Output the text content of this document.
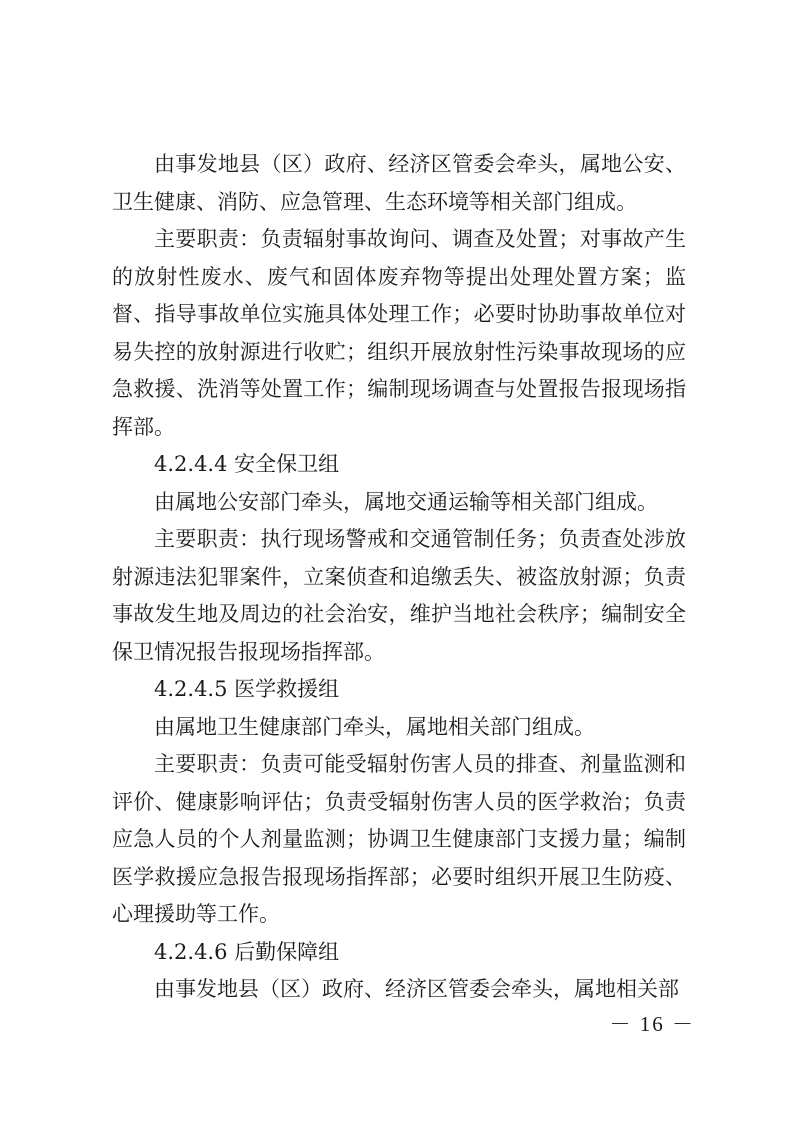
由事发地县（区）政府、经济区管委会牵头，属地公安、卫生健康、消防、应急管理、生态环境等相关部门组成。

主要职责：负责辐射事故询问、调查及处置；对事故产生的放射性废水、废气和固体废弃物等提出处理处置方案；监督、指导事故单位实施具体处理工作；必要时协助事故单位对易失控的放射源进行收贮；组织开展放射性污染事故现场的应急救援、洗消等处置工作；编制现场调查与处置报告报现场指挥部。

4.2.4.4 安全保卫组

由属地公安部门牵头，属地交通运输等相关部门组成。

主要职责：执行现场警戒和交通管制任务；负责查处涉放射源违法犯罪案件，立案侦查和追缴丢失、被盗放射源；负责事故发生地及周边的社会治安，维护当地社会秩序；编制安全保卫情况报告报现场指挥部。

4.2.4.5 医学救援组

由属地卫生健康部门牵头，属地相关部门组成。

主要职责：负责可能受辐射伤害人员的排查、剂量监测和评价、健康影响评估；负责受辐射伤害人员的医学救治；负责应急人员的个人剂量监测；协调卫生健康部门支援力量；编制医学救援应急报告报现场指挥部；必要时组织开展卫生防疫、心理援助等工作。

4.2.4.6 后勤保障组

由事发地县（区）政府、经济区管委会牵头，属地相关部

－ 16 －
